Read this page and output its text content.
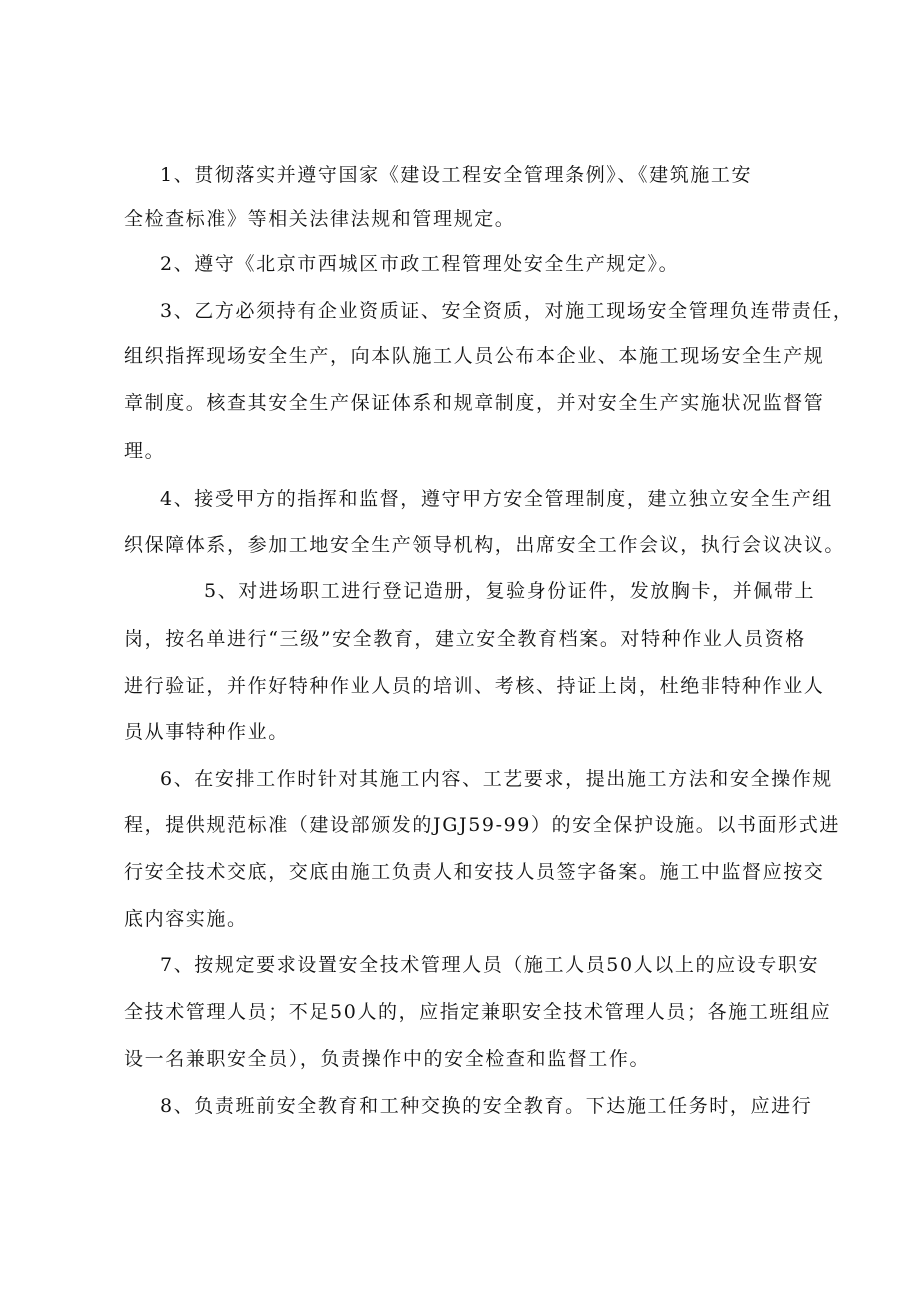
1、贯彻落实并遵守国家《建设工程安全管理条例》、《建筑施工安
全检查标准》等相关法律法规和管理规定。
2、遵守《北京市西城区市政工程管理处安全生产规定》。
3、乙方必须持有企业资质证、安全资质，对施工现场安全管理负连带责任，
组织指挥现场安全生产，向本队施工人员公布本企业、本施工现场安全生产规
章制度。核查其安全生产保证体系和规章制度，并对安全生产实施状况监督管
理。
4、接受甲方的指挥和监督，遵守甲方安全管理制度，建立独立安全生产组
织保障体系，参加工地安全生产领导机构，出席安全工作会议，执行会议决议。
5、对进场职工进行登记造册，复验身份证件，发放胸卡，并佩带上
岗，按名单进行“三级”安全教育，建立安全教育档案。对特种作业人员资格
进行验证，并作好特种作业人员的培训、考核、持证上岗，杜绝非特种作业人
员从事特种作业。
6、在安排工作时针对其施工内容、工艺要求，提出施工方法和安全操作规
程，提供规范标准（建设部颁发的JGJ59-99）的安全保护设施。以书面形式进
行安全技术交底，交底由施工负责人和安技人员签字备案。施工中监督应按交
底内容实施。
7、按规定要求设置安全技术管理人员（施工人员50人以上的应设专职安
全技术管理人员；不足50人的，应指定兼职安全技术管理人员；各施工班组应
设一名兼职安全员），负责操作中的安全检查和监督工作。
8、负责班前安全教育和工种交换的安全教育。下达施工任务时，应进行
